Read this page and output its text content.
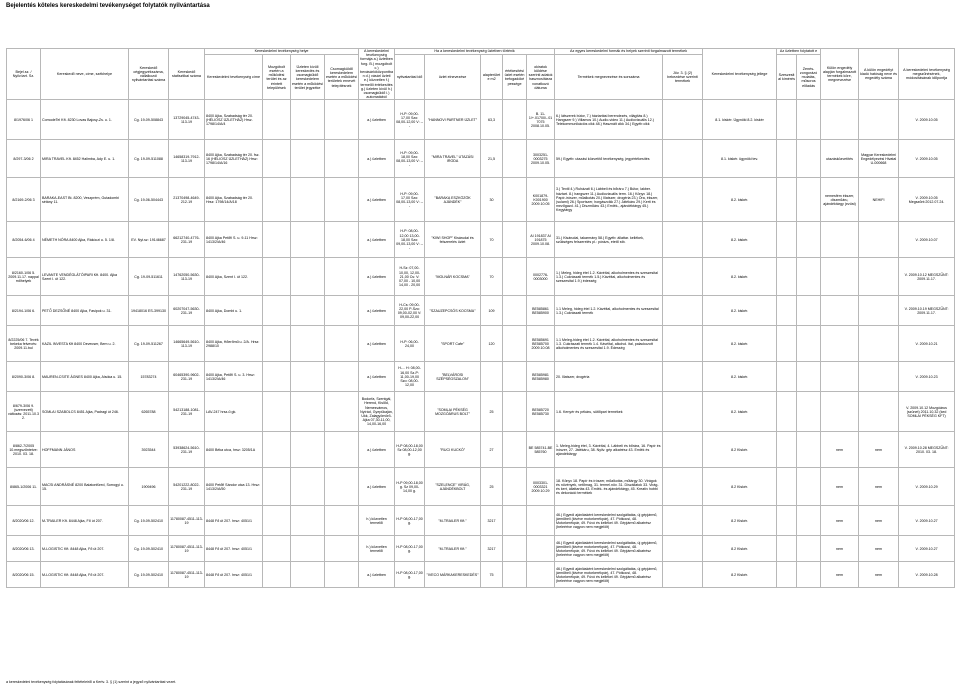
Bejelentés köteles kereskedelmi tevékenységet folytatók nyilvántartása
Bejel.sz. / Nyilv.tart. Sz.	Kereskedő neve, címe, székhelye	Kereskedő cégjegyzékszáma, vállalkozói nyilvántartási száma	Kereskedő statisztikai száma	Kereskedelmi tevékenység helye				A kereskedelmi tevékenység formája a.) üzletben forg. B.) mozgóbolt c.) bevásárlóközpontban d.) vásárl üzleti e.) közvetlen f.) termelői értékesítés g.) üzleten kívül h.) csomagküldő i.) automatából	Ha a kereskedelmi tevékenység üzletben történik					Az egyes kereskedelmi formák és helyek szerinti forgalmazott termékek		Kereskedelmi tevékenység jellege	Az üzletben folytatott e		Külön engedély alapján forgalmazott termékek köre, megnevezése	A külön engedélyt kiadó hatóság neve és engedély száma	A kereskedelmi tevékenység megszűnésének, módosításának időpontja
				Kereskedelmi tevékenység címe	Mozgóbolt esetén a működési terület és az érintett települések	Üzleten kívüli kereskedés és csomagküldő kereskedelem esetén a működési terület jegyzéke	Csomagküldő kereskedelem esetén a működési területek ernevét telepítésnek		nyitvatartási idő	üzlet elnevezése	alapterülete m2	értékesítési üzlet esetén befogadóképessége	okiratok küldése szerinti adatok hasznosításra vonatkozó dátuma	Termékek megnevezése és sorszáma	Jöv. 3. § (2) bekezdése szerinti termékek		Szeszesital kimérés	Zenés-zongorázó mulatás, műsoros előadás			
8/1976/06 1	ComodeTel Kft. 8230 Lovas Bajcsy-Zs. u. 1.	Cg. 19-09-508843	13729045-4743-113-19	8400 Ajka, Szabadság tér 20. (HÉLIOSZ ÜZLETHÁZ) Hrsz. 1798/14/A/4				a.) üzletben	H-P: 09,00-17,00 Szo: 08,00-12,00 V: ---	"HANNOVI PARTNER ÜZLET"	63,3		B. 11-1/+.01700/-.017075 2008.10.05.	6.) látszerek bútor, 7.) háztartási berendezés, világítás 8.) Hangszer 9.) Villamos 10.) Audio-video 11.) Audiovizuális 12.) Telekommunikációs cikk 48.) Használt cikk 34.) Egyéb cikk		8.1. kiskér. Ügynöki 8.2. kiskér					V. 2009.10.05
8/297-3/06 2	MIRA TRAVEL Kft. 8452 Halimba, Ady E. u. 1.	Cg. 19-09-511088	14658319-7912-113-19	8400 Ajka, Szabadság tér 20. fsz. 16 (HÉLIOSZ ÜZLETHÁZ) Hrsz: 1798/14/A/16				a.) üzletben	H-P: 09,00-18,00 Szo: 08,00-13,00 V: ---	"MIRA TRAVEL" UTAZÁSI IRODA	21,5		3003251-0003275 2009.10.05.	59.) Egyéb: utazási közvetítő tevékenység, jegyértékesítés		8.1. kiskér. ügynöki tev.			utazásközvetítés	Magyar Kereskedelmi Engedélyezési Hivatal U-000668	V. 2009.10.05
8/2169-2/06 3	BARAKA-EAST Bt. 8200, Veszprém, Gutadombi sétány 11.	Cg. 19-06-504443	21370498-4649-212-19	8400 Ajka, Szabadság tér 20. Hrsz: 1798/14/A/18				a.) üzletben	H-P: 09,00-17,00 Szo: 08,00-13,00 V: ---	"BARAKA ESZKÖZÖK AJÁNDÉK"	30		K001879-K001900 2009.10.05	3.) Textil 4.) Ruházati 6.) Lábbeli és bőráru 7.) Bútor, lakber. háztart. 8.) hangszer 11.) Audiovizuális term. 16.) Könyv 18.) Papír-írószer, műalkotás 20.) Illatszer, drogéria 23.) Óra, ékszer, (sulami) 26.) Sportszer, horgászcikk 27.) Játékáru 29.) Kerti és mezőgazd. 41.) Díszműáru 43.) Emlék-, ajándéktárgy 45.) Kegytárgy		8.2. kiskér.			nemesfém ékszer, díszműáru, ajándéktárgy (ezüst)	NEHIFI	V. 2009.10.05 Megszűnt:2012.07.24.
8/2054-6/06 4	NÉMETH NÓRA 8400 Ajka, Rákóczi u. 5. 1/8.	EV. Nyt.sz: 19146687	66212740-4776-231-19	8400 Ajka Petőfi S. u. 9-11 Hrsz: 1413/2/A/46				a.) üzletben	H-P: 08,00-12,00 13,00-18,00 Szo: 09,00-13,00 V: ---	"KIWI SHOP" Kisárudai és felszerelés üzlet	70		AI 191837 AI 191875 2009.10.08.	31.) Kisárudai, takarmány 58.) Egyéb: állattar. kellékek, szükséges felszerelés pl.: pórázs, etető stb.		8.2. kiskér.					V. 2009.10.07
8/2160-1/06 5. 2009.11.17. nappal mőhelyek	LEVANTE VENDÉGLÁTÓIPARI Kft. 8400. Ajka Szent I. út 122.	Cg. 19-09-511611	14762050-5630-113-19	8400 Ajka, Szent I. út 122.				a.) üzletben	H-Sz: 07,00-10,00, 12,00-21,00 Cs: V: 07,00 - 10,00 14,00 - 20,00	"MOLNÁR KOCSMA"	70		0002776-0003000	1.) Meleg, hideg étel 1.2. Kávéital, alkoholmentes és szeszesital 1.3.) Cukrászati termék 1.5.) Kávéital, alkoholmentes és szeszesital 1.9.) édesség		8.2. kiskér.					V. 2009.10.12 MEGSZŰNT: 2009.11.17.
8/2194-1/06 6.	PETŐ DEZSŐNÉ 8400 Ajka, Fasipok u. 31.	19418016 ES-399130	60207047-5630-231-19	8400 Ajka, Dombi u. 1.				a.) üzletben	H-Cs: 09,00-22,00 P-Szo: 09,00-02,00 V: 09,00-22,00	"SZAUZEPCSÓS KOCSMA"	109		BE585861 BE585900	1.1 Meleg, hideg étel 1.2. Kávéital, alkoholmentes és szeszesital 1.3.) Cukrászati termék		8.2. kiskér.					V. 2009.10.19 MEGSZŰNT: 2009.11.17.
8/2225/06 7. Tevék bekeka felvevés: 2009.11.bul	KAZIL INVESTA Kft 8400 Devecser, Bem u. 2.	Cg. 19-09-511267	14665649-5610-113-19	8400 Ajka, Hőerőmű u. 2/A. Hrsz: 2988/10				a.) üzletben	H-P: 06,00-24,00	"SPORT Cafe"	120		BE585691 BE585700 2009.10.08	1.1 Meleg-hideg étel 1.2. Kávéital, alkoholmentes és szeszesital 1.3. Cukrászati termék 1.4. Kávéital, alkohol. ital, palackozott alkoholmentes és szeszesital 1.9. Édesség		8.2. kiskér.					V. 2009.10.21
8/2090-3/06 8.	MAUREN-CSITE ÁGNES 8400 Ajka, Alsóka u. 15.	15783274	60465390-9602-231-19	8400 Ajka, Petőfi S. u. 3. Hrsz: 1413/2/A/46				a.) üzletben	H-... H: 08,00-16,00 Sz-P: 11,00-19,00 Szo: 08,00-12,00	"BELVÁROSI SZÉPSÉGSZALON"			BE585981 BE585980	20. Illatszer, drogéria		8.2. kiskér.					V. 2009.10.23
8/679-3/06 9.(szervezett) változás: 2011.10.3 2.	SOMLAI SZABOLCS 8451 Ajka, Padragi út 246.	6265788	54213188-1081-231-19	LAV-247 hrsz-ű gk.				Bodorfa, Szentgál, Herend, Kislőd, Nemesvámos, Nyírád, Gyepükaján, Ukk, Zalagyömörő-Ajka 07,30-11,00, 14,00-16,00		"SOMLAI PÉKSÉG MOZGÓÁRUS BOLT"	25		BE585720 BE585730	1.6. Kenyér és pékáru, sütőipari termékek		8.2. kiskér.					V. 2009.10.12 Mozgóárus (szünet) 2011.10.32 (ked SOMLAI PÉKSÉG KFT)
8/862-7/2005 10.megszűntetve: 2010. 03. 18.	HOFFMANN JÁNOS	3923544	53938624-5610-231-19	8400 Béka utca, hrsz: 3205/1A				a.) üzletben	H-P 08,00-18,00 Sz 08,00-12,00 g.	"RUCI KUCKÓ"	27		BE 585741-BE 585760	1. Meleg-hideg étel, 3. Kávéital, 4. Lábbeli és bőrára, 16. Papír és írószer, 27. Játékáru, 38. Nyilv. gép alkatrész 43. Emlék és ajándéktárgy		8.2 Kiskér.			nem	nem	V. 2009.10.28 MEGSZŰNT: 2010. 03. 18.
8/865-1/2006 11.	MACSI ANDRÁSNÉ 8200 Balatonfüred, Sorrogyi u. 15.	1909496	54201222-8022-231-19	8400 Petőfi Sándor utca 13. Hrsz: 1413/2/A/50				a.) üzletben	H-P 09,00-18,00 g. Sz 09,00-14,00 g.	"SZELENCE" VIRÁG, AJÁNDÉKBOLT	25		0003301-0003321 2009.10.29	18. Könyv 18. Papír és írószer, műalkotás, műtárgy 30. Virágok és növények, vetőmag, 31. termel.növ. 31. Díszállatok 33. Virág- és kert, állattartás 43. Emlék- és ajándéktárgy, 45. Kreatív hobbi és dekoráció termékek		8.2 Kiskér.			nem	nem	V. 2009.10.29
8/2020/06 12.	M-TRAILER Kft. 8448 Ajka, Fő út 207.	Cg. 19-09-502410	11780087-4511-113-19	8448 Fő út 207. hrsz: 4051/1				h.) közvetlen termelői	H-P 08,00-17,00 g.	"M-TRAILER Kft."	3217			46.) Egyedi ajánlásként kereskedelmi szolgáltatás, új gépjármű, járműbeli (kivéve motorkerékpár), 47. Pótkocsi, 48. Motorkerékpár, 49. Fúvó és kellékei 49. Gépjármű alkatrész (beleértve vagyon nem megjelölt)		8.2 Kiskér.			nem	nem	V. 2009.10.27
8/2020/06 13.	M-LOGISTIC Kft. 8448 Ajka, Fő út 207.	Cg. 19-09-502410	11780087-4511-113-19	8448 Fő út 207. hrsz: 4051/1				h.) közvetlen termelői	H-P 08,00-17,00 g.	"M-TRAILER Kft."	3217			46.) Egyedi ajánlásként kereskedelmi szolgáltatás, új gépjármű, járműbeli (kivéve motorkerékpár), 47. Pótkocsi, 48. Motorkerékpár, 49. Fúvó és kellékei 49. Gépjármű alkatrész (beleértve vagyon nem megjelölt)		8.2 Kiskér.			nem	nem	V. 2009.10.27
8/2020/06 15.	M-LOGISTIC Kft. 8448 Ajka, Fő út 207.	Cg. 19-09-502410	11780087-4511-113-19	8448 Fő út 207. hrsz: 4051/1				a.) üzletben	H-P 08,00-17,00 g.	"IVECO MÁRKAKERESKEDÉS"	75			46.) Egyedi ajánlásként kereskedelmi szolgáltatás, új gépjármű, járműbeli (kivéve motorkerékpár), 47. Pótkocsi, 48. Motorkerékpár, 49. Fúvó és kellékei 49. Gépjármű alkatrész (beleértve vagyon nem megjelölt)		8.2 Kiskér.			nem	nem	V. 2009.10.28
a kereskedelmi tevékenység folytatásának feltételeiről a Kertv. 3. § (1) szerint a jegyző nyilvántartást vezet.
